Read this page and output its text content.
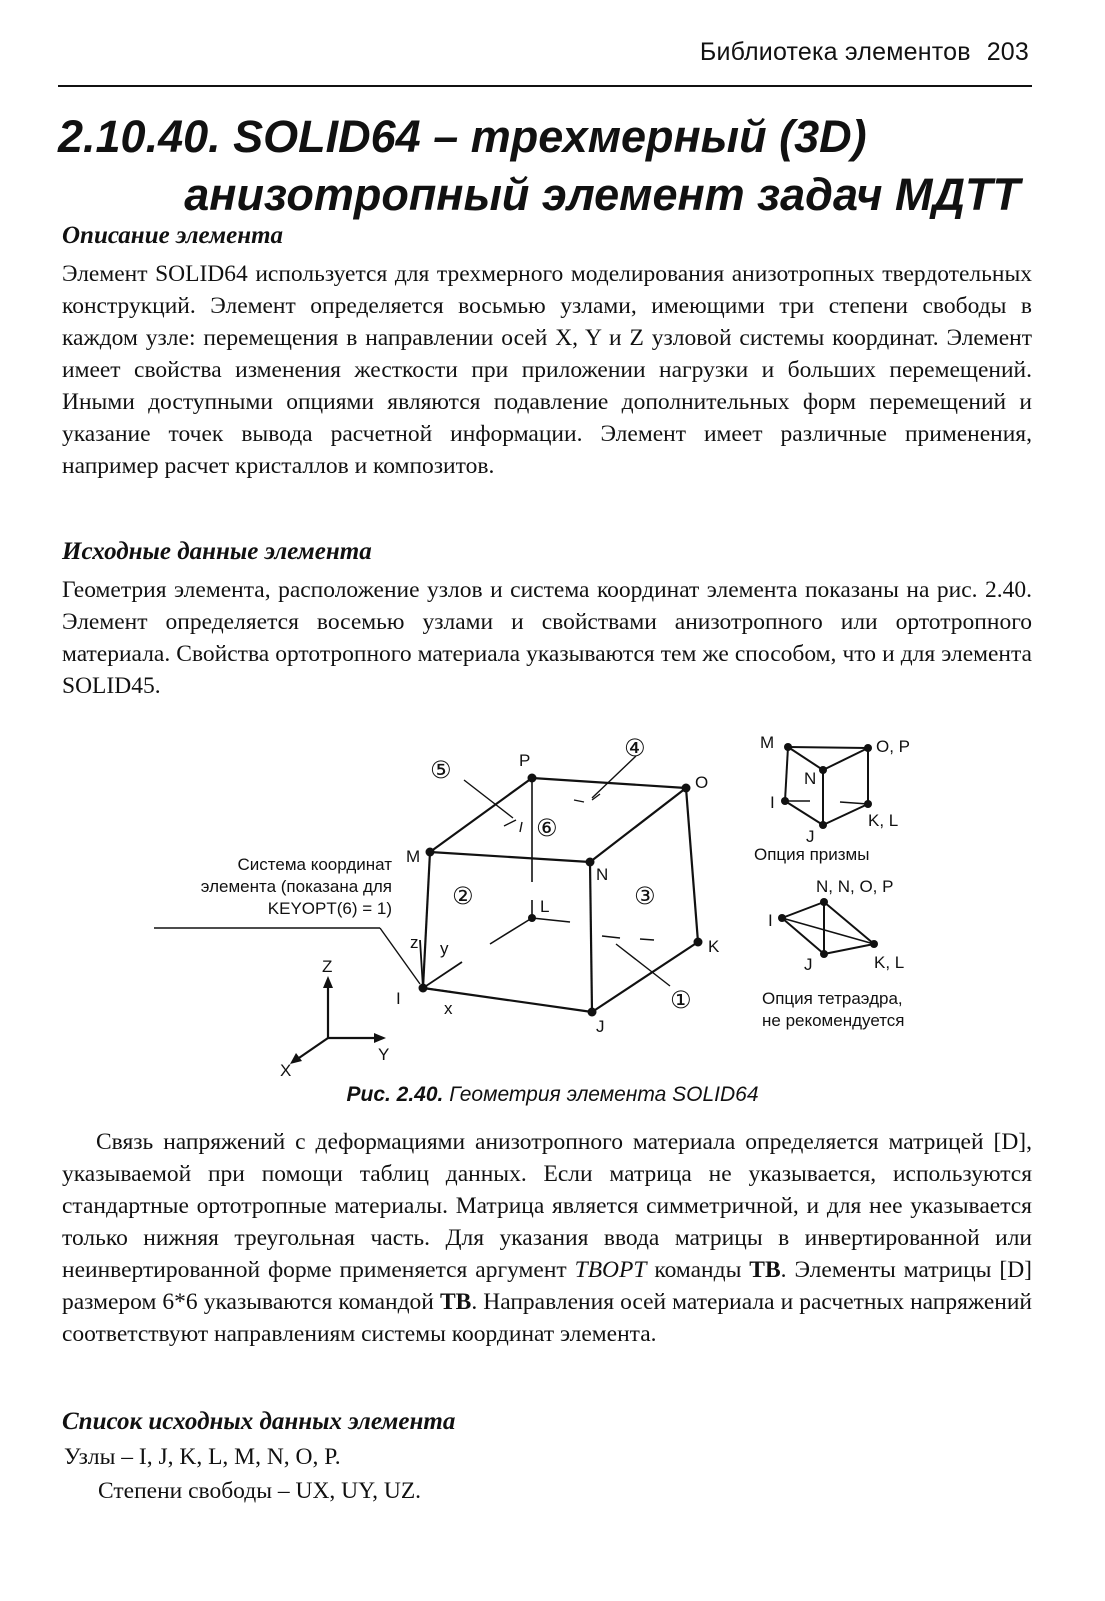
Библиотека элементов 203
2.10.40. SOLID64 – трехмерный (3D)
анизотропный элемент задач МДТТ
Описание элемента

Элемент SOLID64 используется для трехмерного моделирования анизотропных твердотельных конструкций. Элемент определяется восьмью узлами, имеющими три степени свободы в каждом узле: перемещения в направлении осей X, Y и Z узловой системы координат. Элемент имеет свойства изменения жесткости при приложении нагрузки и больших перемещений. Иными доступными опциями являются подавление дополнительных форм перемещений и указание точек вывода расчетной информации. Элемент имеет различные применения, например расчет кристаллов и композитов.

Исходные данные элемента

Геометрия элемента, расположение узлов и система координат элемента показаны на рис. 2.40. Элемент определяется восемью узлами и свойствами анизотропного или ортотропного материала. Свойства ортотропного материала указываются тем же способом, что и для элемента SOLID45.

P
O
M
N
L
K
I
J
⑤
④
⑥
②	③
①
Система координат
элемента (показана для
KEYOPT(6) = 1)
z y
x
Z
Y
X
M	O, P
N
I
J
K, L
Опция призмы
N, N, O, P
I
J	K, L
Опция тетраэдра,
не рекомендуется
Рис. 2.40. Геометрия элемента SOLID64

Связь напряжений с деформациями анизотропного материала определяется матрицей [D], указываемой при помощи таблиц данных. Если матрица не указывается, используются стандартные ортотропные материалы. Матрица является симметричной, и для нее указывается только нижняя треугольная часть. Для указания ввода матрицы в инвертированной или неинвертированной форме применяется аргумент TBOPT команды TB. Элементы матрицы [D] размером 6*6 указываются командой TB. Направления осей материала и расчетных напряжений соответствуют направлениям системы координат элемента.

Список исходных данных элемента
Узлы – I, J, K, L, M, N, O, P.
Степени свободы – UX, UY, UZ.
